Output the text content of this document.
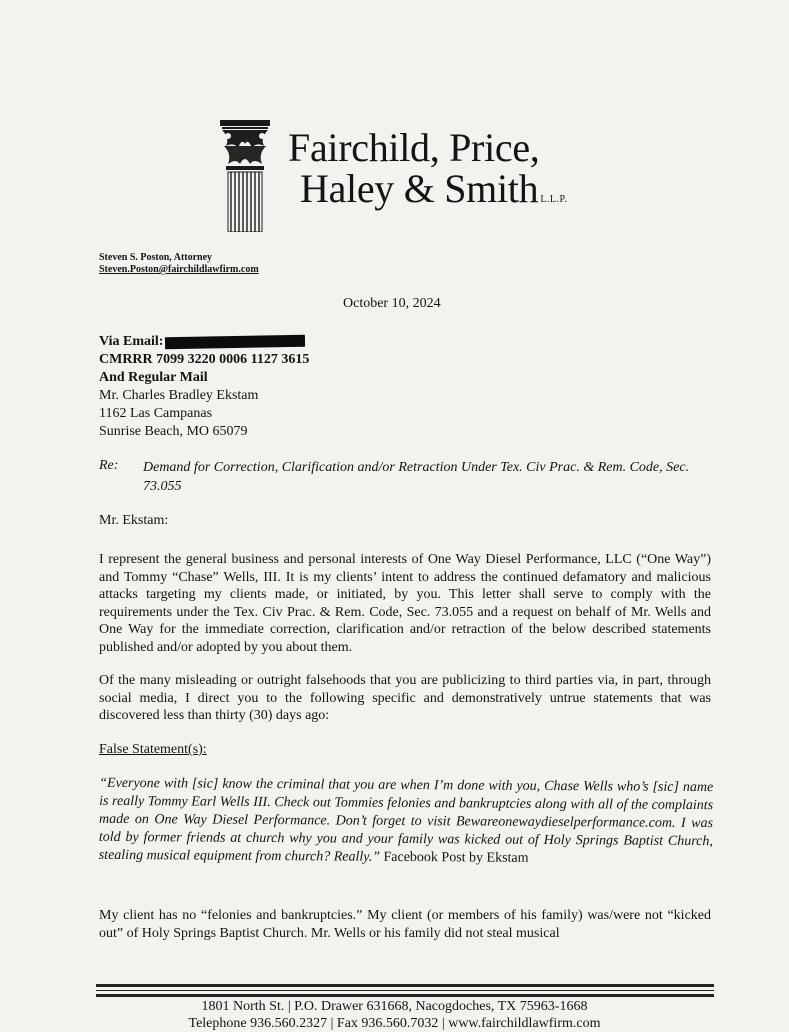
Fairchild, Price,
Haley & Smith L.L.P.
Steven S. Poston, Attorney
Steven.Poston@fairchildlawfirm.com
October 10, 2024
Via Email:
CMRRR 7099 3220 0006 1127 3615
And Regular Mail
Mr. Charles Bradley Ekstam
1162 Las Campanas
Sunrise Beach, MO 65079
Re: Demand for Correction, Clarification and/or Retraction Under Tex. Civ Prac. & Rem. Code, Sec. 73.055
Mr. Ekstam:
I represent the general business and personal interests of One Way Diesel Performance, LLC (“One Way”) and Tommy “Chase” Wells, III. It is my clients’ intent to address the continued defamatory and malicious attacks targeting my clients made, or initiated, by you. This letter shall serve to comply with the requirements under the Tex. Civ Prac. & Rem. Code, Sec. 73.055 and a request on behalf of Mr. Wells and One Way for the immediate correction, clarification and/or retraction of the below described statements published and/or adopted by you about them.
Of the many misleading or outright falsehoods that you are publicizing to third parties via, in part, through social media, I direct you to the following specific and demonstratively untrue statements that was discovered less than thirty (30) days ago:
False Statement(s):
“Everyone with [sic] know the criminal that you are when I’m done with you, Chase Wells who’s [sic] name is really Tommy Earl Wells III. Check out Tommies felonies and bankruptcies along with all of the complaints made on One Way Diesel Performance. Don’t forget to visit Bewareonewaydieselperformance.com. I was told by former friends at church why you and your family was kicked out of Holy Springs Baptist Church, stealing musical equipment from church? Really.” Facebook Post by Ekstam
My client has no “felonies and bankruptcies.” My client (or members of his family) was/were not “kicked out” of Holy Springs Baptist Church. Mr. Wells or his family did not steal musical
1801 North St. | P.O. Drawer 631668, Nacogdoches, TX 75963-1668
Telephone 936.560.2327 | Fax 936.560.7032 | www.fairchildlawfirm.com
